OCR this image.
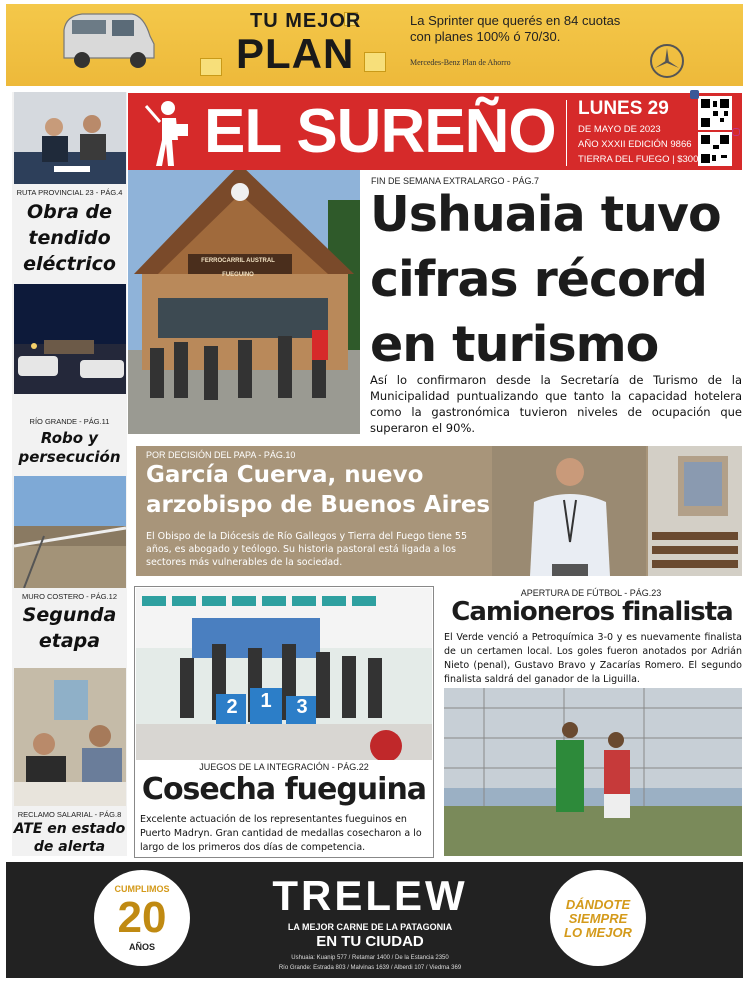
TU MEJOR
PLAN
La Sprinter que querés en 84 cuotas
con planes 100% ó 70/30.
Mercedes-Benz Plan de Ahorro
EL SUREÑO LUNES 29
DE MAYO DE 2023
AÑO XXXII EDICIÓN 9866
TIERRA DEL FUEGO | $300
RUTA PROVINCIAL 23 - PÁG.4
Obra de
tendido
eléctrico
RÍO GRANDE - PÁG.11
Robo y
persecución
MURO COSTERO - PÁG.12
Segunda
etapa
RECLAMO SALARIAL - PÁG.8
ATE en estado
de alerta
FERROCARRIL AUSTRAL FUEGUINO
FIN DE SEMANA EXTRALARGO - PÁG.7
Ushuaia tuvo
cifras récord
en turismo
Así lo confirmaron desde la Secretaría de Turismo de la Municipalidad puntualizando que tanto la capacidad hotelera como la gastronómica tuvieron niveles de ocupación que superaron el 90%.
POR DECISIÓN DEL PAPA - PÁG.10
García Cuerva, nuevo
arzobispo de Buenos Aires
El Obispo de la Diócesis de Río Gallegos y Tierra del Fuego tiene 55 años, es abogado y teólogo. Su historia pastoral está ligada a los sectores más vulnerables de la sociedad.
2	1	3
JUEGOS DE LA INTEGRACIÓN - PÁG.22
Cosecha fueguina
Excelente actuación de los representantes fueguinos en Puerto Madryn. Gran cantidad de medallas cosecharon a lo largo de los primeros dos días de competencia.
APERTURA DE FÚTBOL - PÁG.23
Camioneros finalista
El Verde venció a Petroquímica 3-0 y es nuevamente finalista de un certamen local. Los goles fueron anotados por Adrián Nieto (penal), Gustavo Bravo y Zacarías Romero. El segundo finalista saldrá del ganador de la Liguilla.
CUMPLIMOS
20
AÑOS
TRELEW
LA MEJOR CARNE DE LA PATAGONIA
EN TU CIUDAD
Ushuaia: Kuanip 577 / Retamar 1400 / De la Estancia 2350
Río Grande: Estrada 803 / Malvinas 1639 / Alberdi 107 / Viedma 369
DÁNDOTE
SIEMPRE
LO MEJOR
